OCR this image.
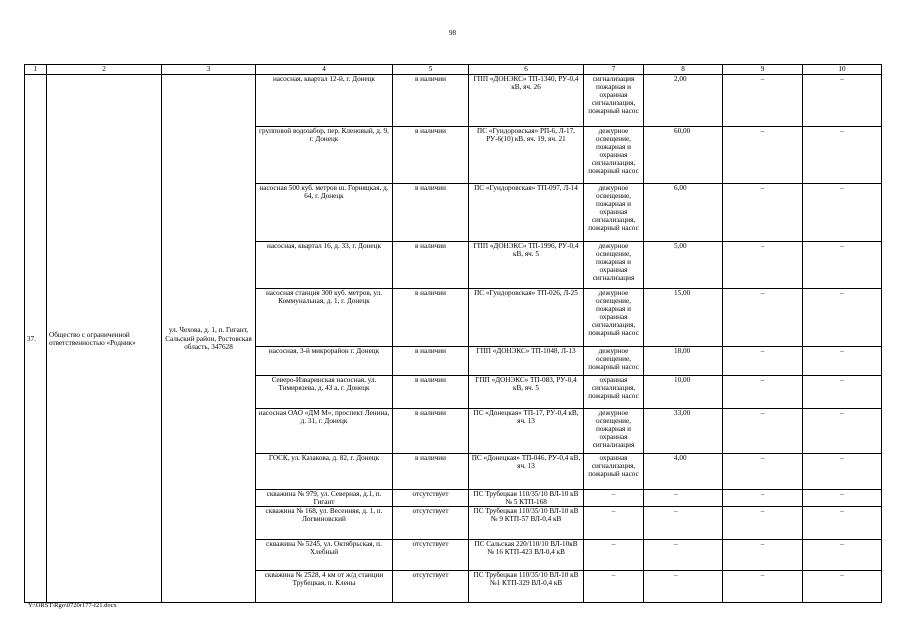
98
1	2	3	4	5	6	7	8	9	10
37.	Общество с ограниченной ответственностью «Родник»	ул. Чехова, д. 1, п. Гигант, Сальский район, Ростовская область, 347628	насосная, квартал 12-й, г. Донецк	в наличии	ГПП «ДОНЭКС» ТП-1340, РУ-0,4 кВ, яч. 26	сигнализация пожарная и охранная сигнализация, пожарный насос	2,00	–	–
			групповой водозабор, пер. Кленовый, д. 9, г. Донецк	в наличии	ПС «Гундоровская» РП-6, Л-17, РУ-6(10) кВ, яч. 19, яч. 21	дежурное освещение, пожарная и охранная сигнализация, пожарный насос	60,00	–	–
			насосная 500 куб. метров ш. Горняцкая, д. 64, г. Донецк	в наличии	ПС «Гундоровская» ТП-097, Л-14	дежурное освещение, пожарная и охранная сигнализация, пожарный насос	6,00	–	–
			насосная, квартал 16, д. 33, г. Донецк	в наличии	ГПП «ДОНЭКС» ТП-1996, РУ-0,4 кВ, яч. 5	дежурное освещение, пожарная и охранная сигнализация	5,00	–	–
			насосная станция 300 куб. метров, ул. Коммунальная, д. 1, г. Донецк	в наличии	ПС «Гундоровская» ТП-026, Л-25	дежурное освещение, пожарная и охранная сигнализация, пожарный насос	15,00	–	–
			насосная, 3-й микрорайон г. Донецк	в наличии	ГПП «ДОНЭКС» ТП-1048, Л-13	дежурное освещение, пожарный насос	18,00	–	–
			Северо-Изваринская насосная, ул. Тимирязева, д. 43 а, г. Донецк	в наличии	ГПП «ДОНЭКС» ТП-083, РУ-0,4 кВ, яч. 5	охранная сигнализация, пожарный насос	10,00	–	–
			насосная ОАО «ДМ М», проспект Ленина, д. 31, г. Донецк	в наличии	ПС «Донецкая» ТП-17, РУ-0,4 кВ, яч. 13	дежурное освещение, пожарная и охранная сигнализация	33,00	–	–
			ГОСК, ул. Казакова, д. 82, г. Донецк	в наличии	ПС «Донецкая» ТП-046, РУ-0,4 кВ, яч. 13	охранная сигнализация, пожарный насос	4,00	–	–
			скважина № 979, ул. Северная, д.1, п. Гигант	отсутствует	ПС Трубецкая 110/35/10 ВЛ-10 кВ № 5 КТП-168	–	–	–	–
			скважина № 168, ул. Весенняя, д. 1, п. Логвиновский	отсутствует	ПС Трубецкая 110/35/10 ВЛ-10 кВ № 9 КТП-57 ВЛ-0,4 кВ	–	–	–	–
			скважина № 5245, ул. Октябрьская, п. Хлебный	отсутствует	ПС Сальская 220/110/10 ВЛ-10кВ № 16 КТП-423 ВЛ-0,4 кВ	–	–	–	–
			скважина № 2528, 4 км от ж/д станции Трубецкая, п. Клены	отсутствует	ПС Трубецкая 110/35/10 ВЛ-10 кВ №1 КТП-329 ВЛ-0,4 кВ	–	–	–	–
Y:\ORST\Rgo\0720r177-f21.docx
